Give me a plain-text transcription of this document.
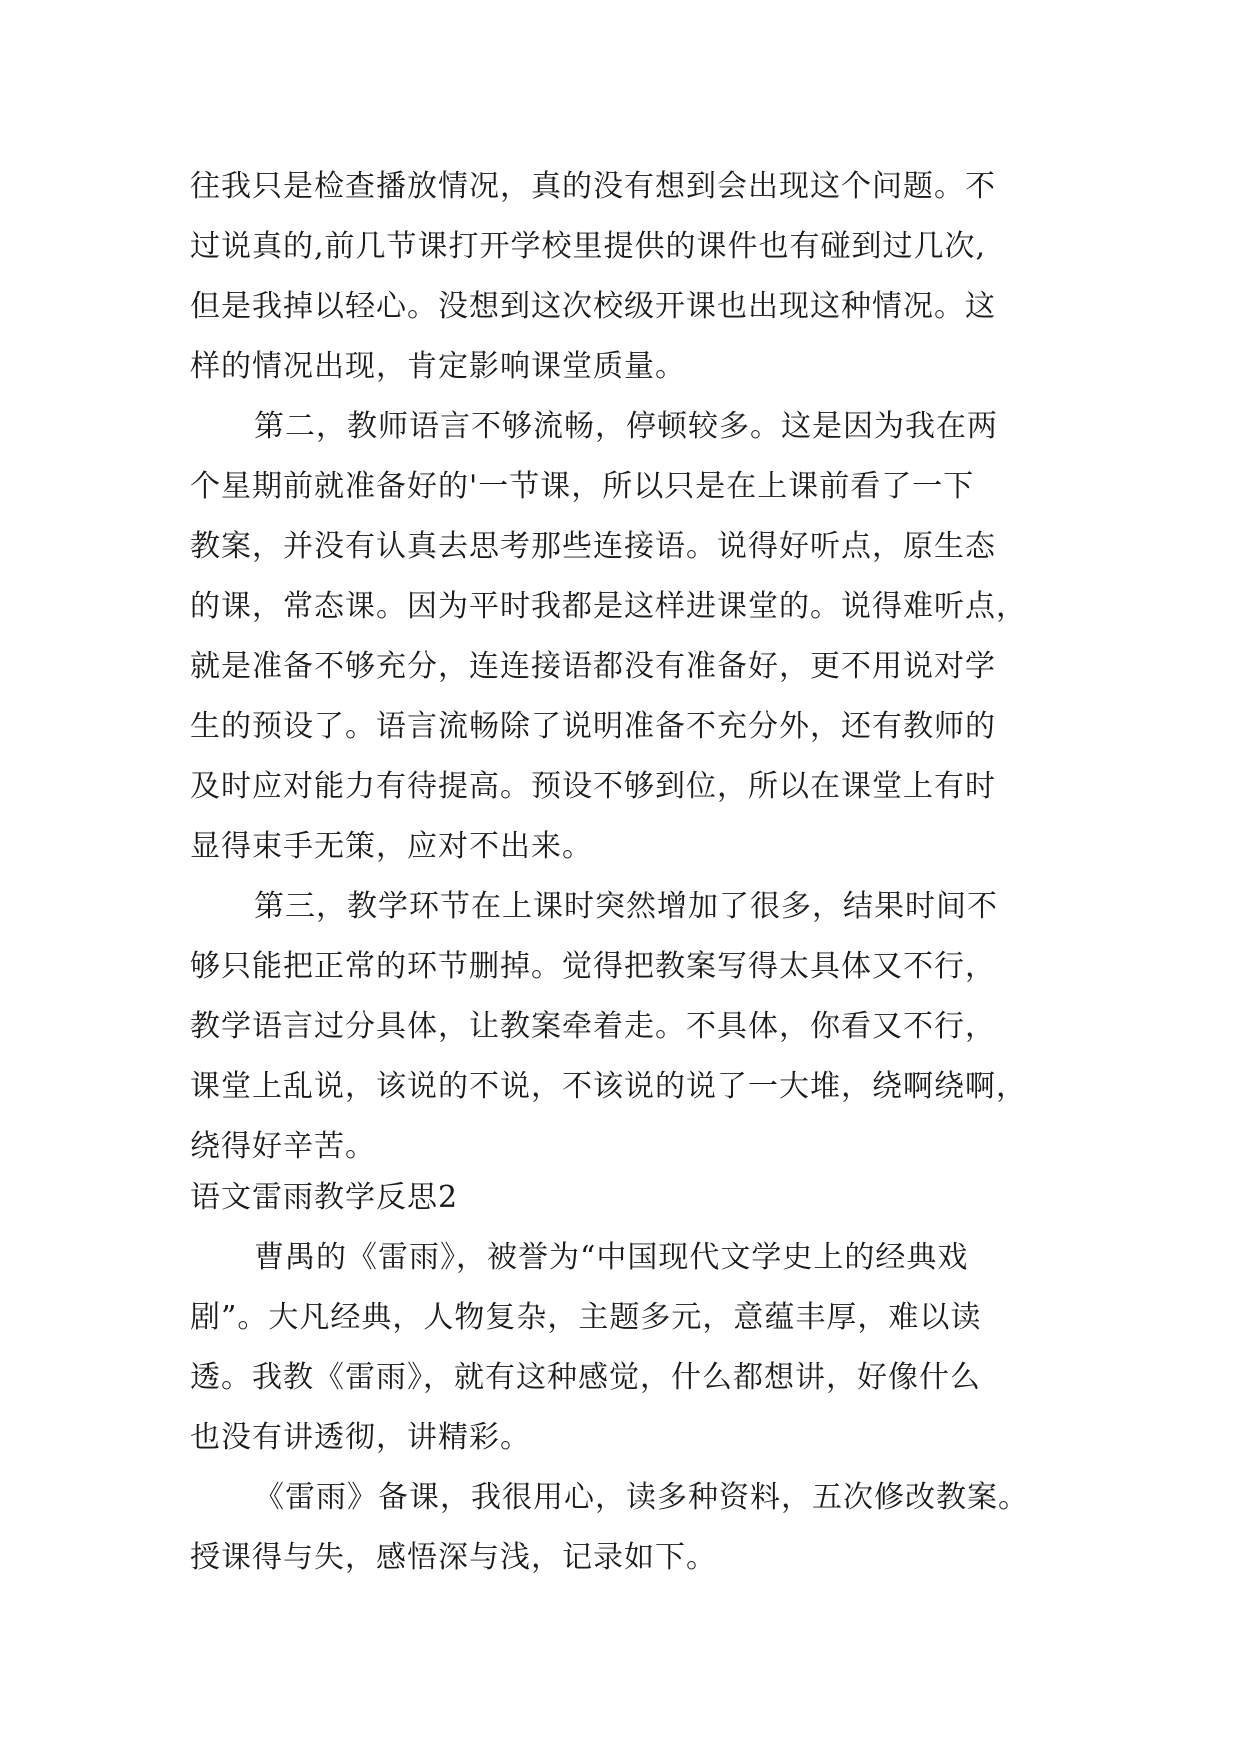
往我只是检查播放情况，真的没有想到会出现这个问题。不
过说真的,前几节课打开学校里提供的课件也有碰到过几次,
但是我掉以轻心。没想到这次校级开课也出现这种情况。这
样的情况出现，肯定影响课堂质量。
第二，教师语言不够流畅，停顿较多。这是因为我在两
个星期前就准备好的'一节课，所以只是在上课前看了一下
教案，并没有认真去思考那些连接语。说得好听点，原生态
的课，常态课。因为平时我都是这样进课堂的。说得难听点，
就是准备不够充分，连连接语都没有准备好，更不用说对学
生的预设了。语言流畅除了说明准备不充分外，还有教师的
及时应对能力有待提高。预设不够到位，所以在课堂上有时
显得束手无策，应对不出来。
第三，教学环节在上课时突然增加了很多，结果时间不
够只能把正常的环节删掉。觉得把教案写得太具体又不行，
教学语言过分具体，让教案牵着走。不具体，你看又不行，
课堂上乱说，该说的不说，不该说的说了一大堆，绕啊绕啊，
绕得好辛苦。
语文雷雨教学反思2
曹禺的《雷雨》，被誉为“中国现代文学史上的经典戏
剧”。大凡经典，人物复杂，主题多元，意蕴丰厚，难以读
透。我教《雷雨》，就有这种感觉，什么都想讲，好像什么
也没有讲透彻，讲精彩。
《雷雨》备课，我很用心，读多种资料，五次修改教案。
授课得与失，感悟深与浅，记录如下。
